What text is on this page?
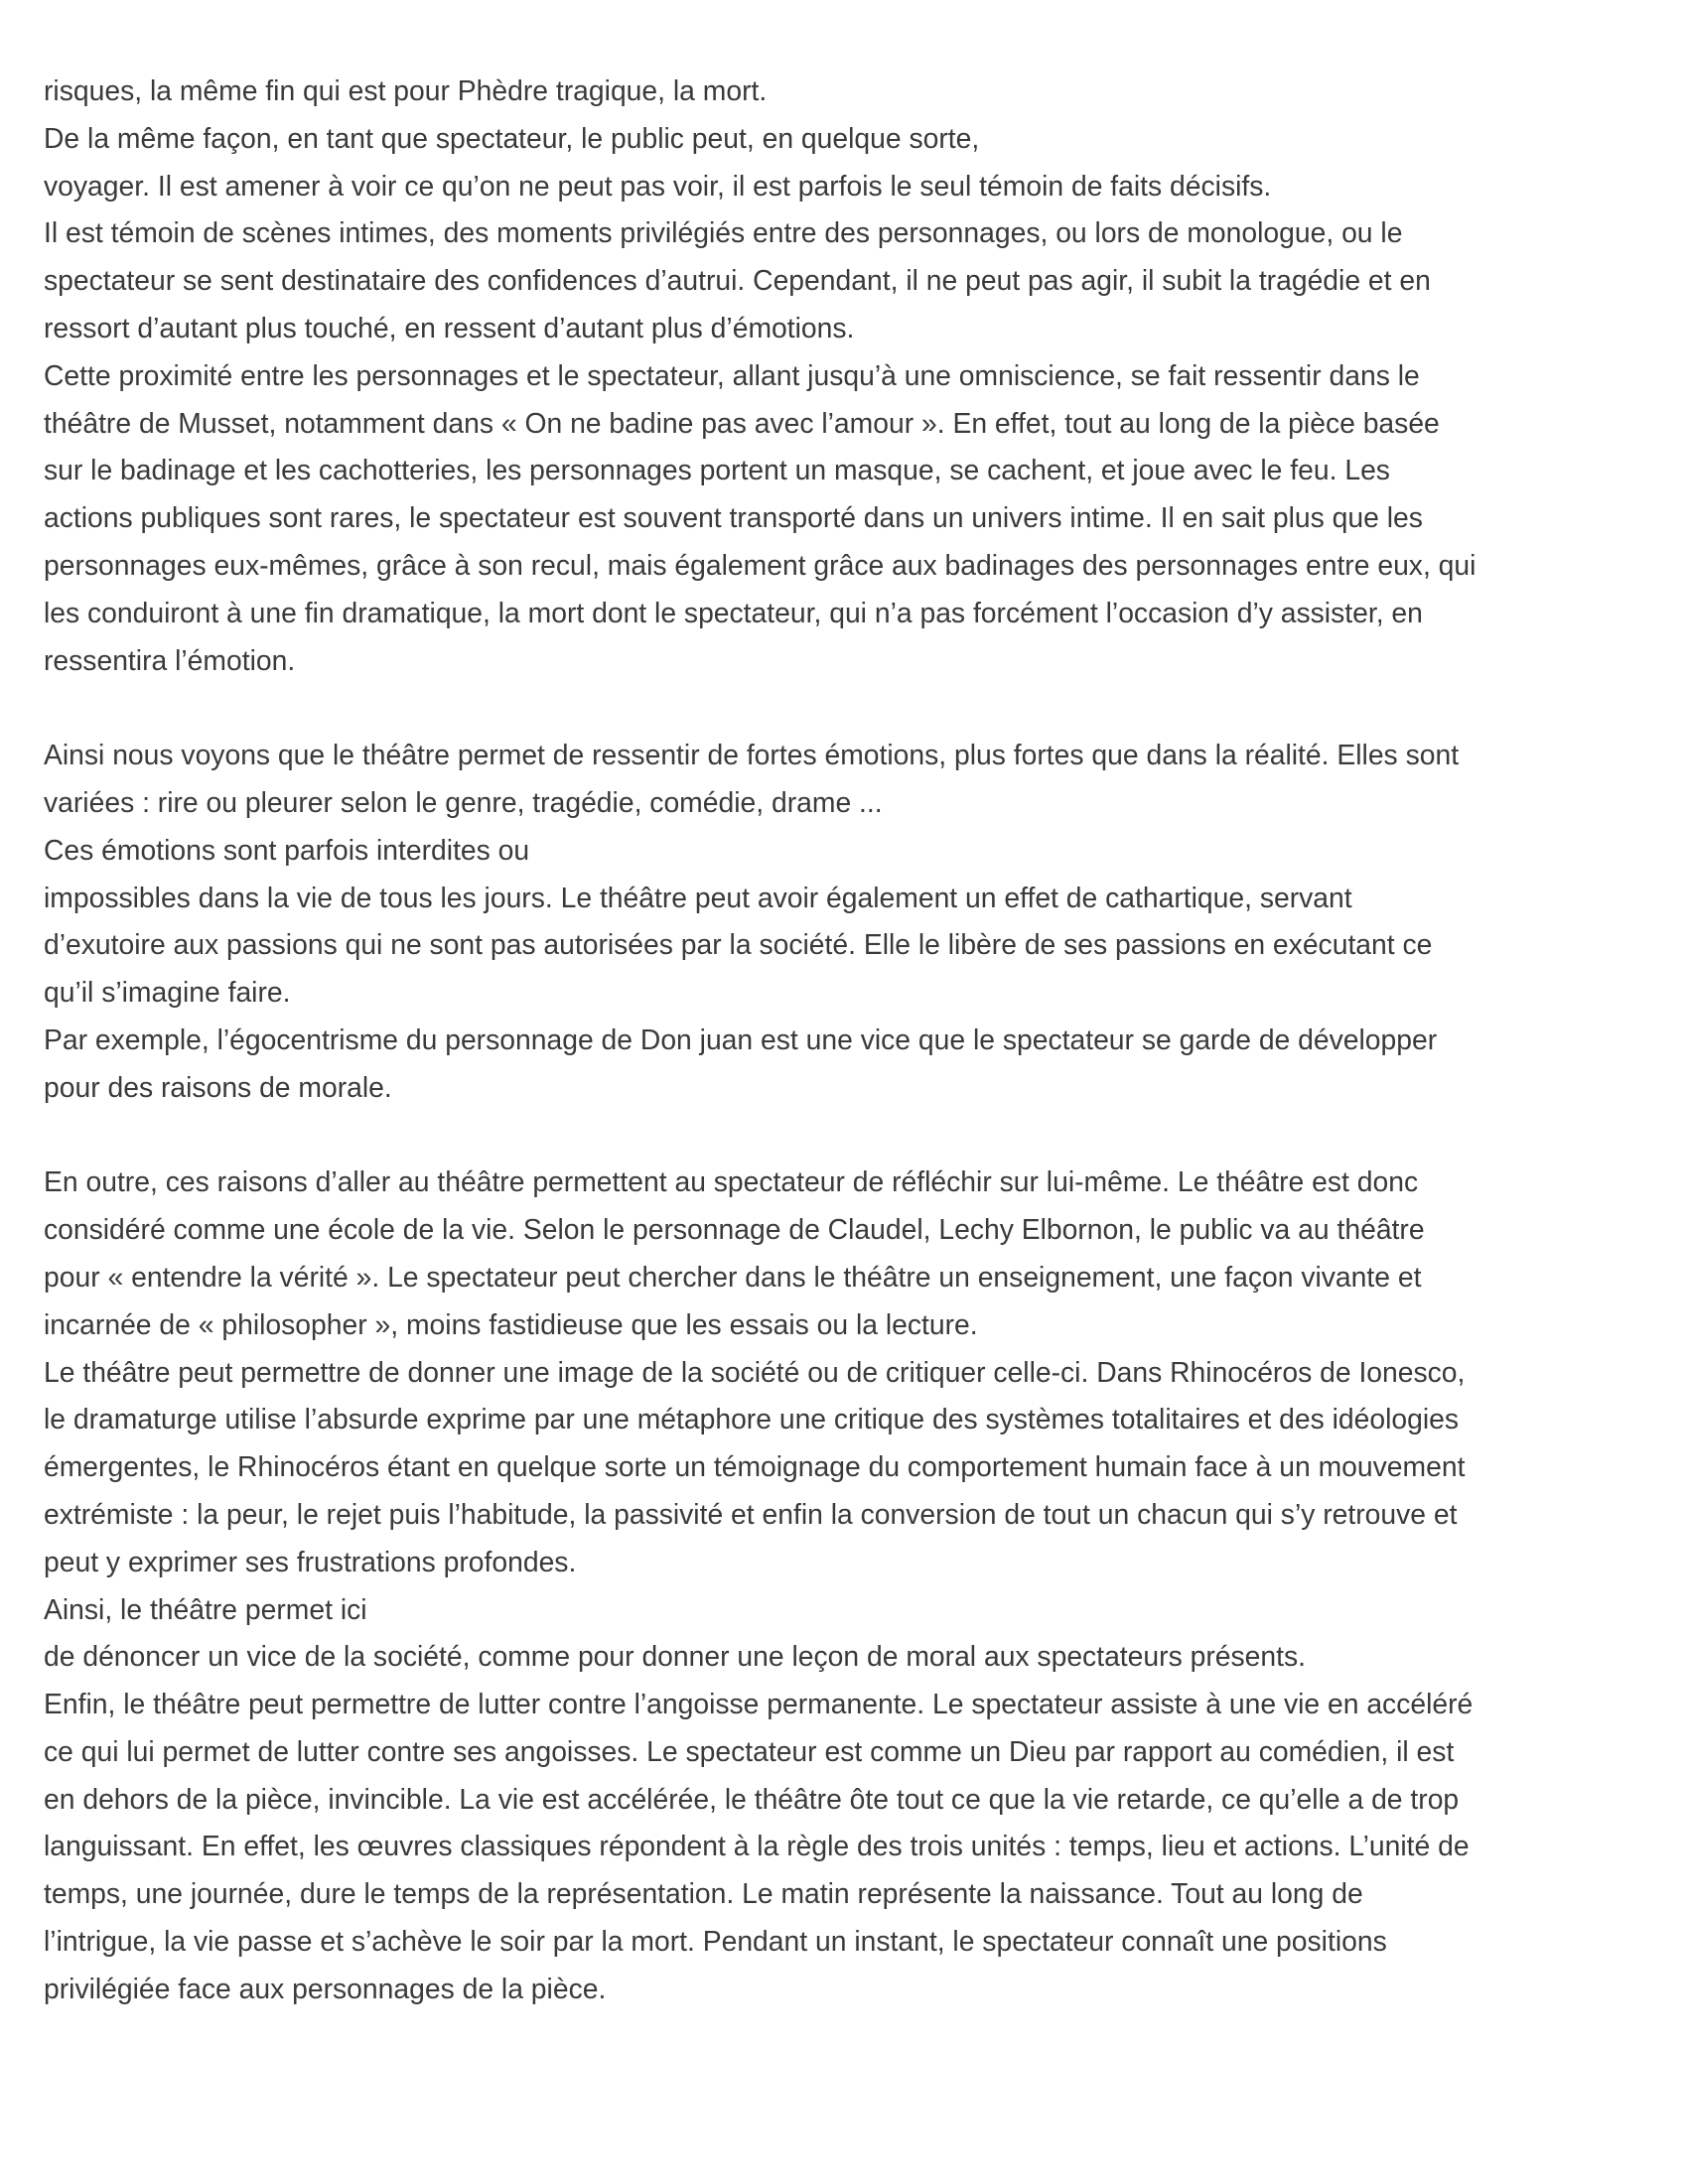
risques, la même fin qui est pour Phèdre tragique, la mort.

De la même façon, en tant que spectateur, le public peut, en quelque sorte,

voyager. Il est amener à voir ce qu’on ne peut pas voir, il est parfois le seul témoin de faits décisifs.

Il est témoin de scènes intimes, des moments privilégiés entre des personnages, ou lors de monologue, ou le

spectateur se sent destinataire des confidences d’autrui. Cependant, il ne peut pas agir, il subit la tragédie et en

ressort d’autant plus touché, en ressent d’autant plus d’émotions.

Cette proximité entre les personnages et le spectateur, allant jusqu’à une omniscience, se fait ressentir dans le

théâtre de Musset, notamment dans « On ne badine pas avec l’amour ». En effet, tout au long de la pièce basée

sur le badinage et les cachotteries, les personnages portent un masque, se cachent, et joue avec le feu. Les

actions publiques sont rares, le spectateur est souvent transporté dans un univers intime. Il en sait plus que les

personnages eux-mêmes, grâce à son recul, mais également grâce aux badinages des personnages entre eux, qui

les conduiront à une fin dramatique, la mort dont le spectateur, qui n’a pas forcément l’occasion d’y assister, en

ressentira l’émotion.

Ainsi nous voyons que le théâtre permet de ressentir de fortes émotions, plus fortes que dans la réalité. Elles sont

variées : rire ou pleurer selon le genre, tragédie, comédie, drame ...

Ces émotions sont parfois interdites ou

impossibles dans la vie de tous les jours. Le théâtre peut avoir également un effet de cathartique, servant

d’exutoire aux passions qui ne sont pas autorisées par la société. Elle le libère de ses passions en exécutant ce

qu’il s’imagine faire.

Par exemple, l’égocentrisme du personnage de Don juan est une vice que le spectateur se garde de développer

pour des raisons de morale.

En outre, ces raisons d’aller au théâtre permettent au spectateur de réfléchir sur lui-même. Le théâtre est donc

considéré comme une école de la vie. Selon le personnage de Claudel, Lechy Elbornon, le public va au théâtre

pour « entendre la vérité ». Le spectateur peut chercher dans le théâtre un enseignement, une façon vivante et

incarnée de « philosopher », moins fastidieuse que les essais ou la lecture.

Le théâtre peut permettre de donner une image de la société ou de critiquer celle-ci. Dans Rhinocéros de Ionesco,

le dramaturge utilise l’absurde exprime par une métaphore une critique des systèmes totalitaires et des idéologies

émergentes, le Rhinocéros étant en quelque sorte un témoignage du comportement humain face à un mouvement

extrémiste : la peur, le rejet puis l’habitude, la passivité et enfin la conversion de tout un chacun qui s’y retrouve et

peut y exprimer ses frustrations profondes.

Ainsi, le théâtre permet ici

de dénoncer un vice de la société, comme pour donner une leçon de moral aux spectateurs présents.

Enfin, le théâtre peut permettre de lutter contre l’angoisse permanente. Le spectateur assiste à une vie en accéléré

ce qui lui permet de lutter contre ses angoisses. Le spectateur est comme un Dieu par rapport au comédien, il est

en dehors de la pièce, invincible. La vie est accélérée, le théâtre ôte tout ce que la vie retarde, ce qu’elle a de trop

languissant. En effet, les œuvres classiques répondent à la règle des trois unités : temps, lieu et actions. L’unité de

temps, une journée, dure le temps de la représentation. Le matin représente la naissance. Tout au long de

l’intrigue, la vie passe et s’achève le soir par la mort. Pendant un instant, le spectateur connaît une positions

privilégiée face aux personnages de la pièce.
